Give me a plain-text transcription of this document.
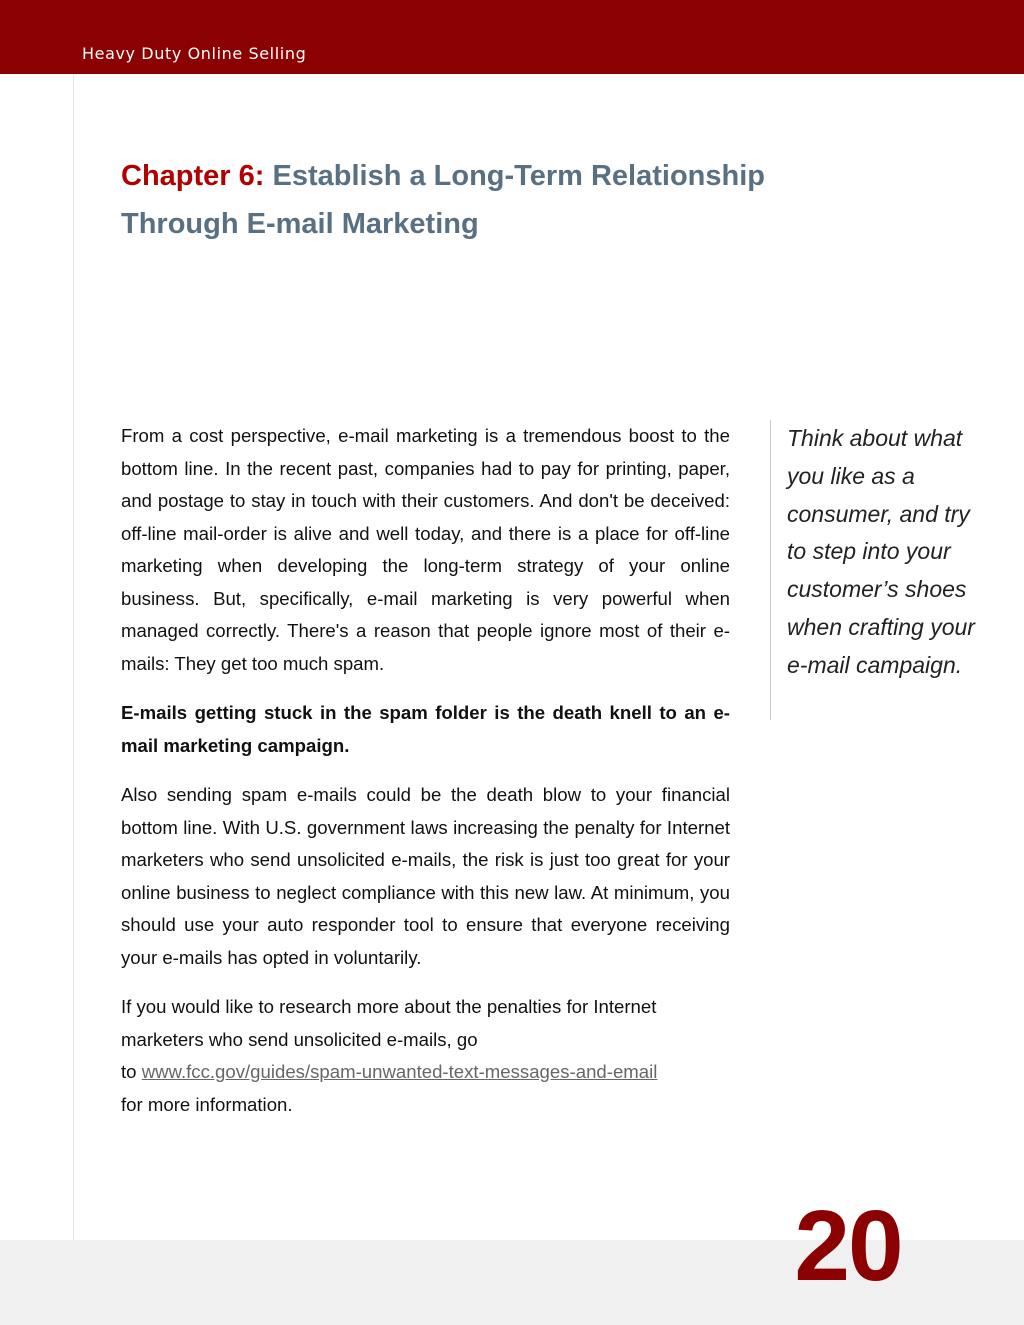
Heavy Duty Online Selling
Chapter 6: Establish a Long-Term Relationship
Through E-mail Marketing

From a cost perspective, e-mail marketing is a tremendous boost to the bottom line. In the recent past, companies had to pay for printing, paper, and postage to stay in touch with their customers. And don't be deceived: off-line mail-order is alive and well today, and there is a place for off-line marketing when developing the long-term strategy of your online business. But, specifically, e-mail marketing is very powerful when managed correctly. There's a reason that people ignore most of their e-mails: They get too much spam.

E-mails getting stuck in the spam folder is the death knell to an e-mail marketing campaign.

Also sending spam e-mails could be the death blow to your financial bottom line. With U.S. government laws increasing the penalty for Internet marketers who send unsolicited e-mails, the risk is just too great for your online business to neglect compliance with this new law. At minimum, you should use your auto responder tool to ensure that everyone receiving your e-mails has opted in voluntarily.

If you would like to research more about the penalties for Internet marketers who send unsolicited e-mails, go
to www.fcc.gov/guides/spam-unwanted-text-messages-and-email
for more information.

Think about what you like as a consumer, and try to step into your customer’s shoes when crafting your e-mail campaign.
20
